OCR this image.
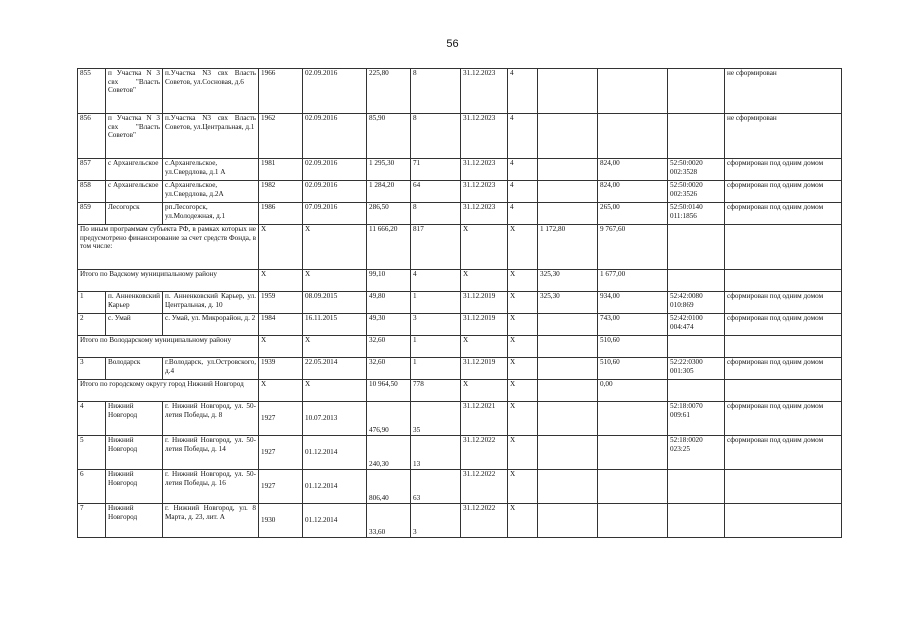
56
855	п Участка N 3 свх "Власть Советов"	п.Участка N3 свх Власть Советов, ул.Сосновая, д.6	1966	02.09.2016	225,80	8	31.12.2023	4				не сформирован
856	п Участка N 3 свх "Власть Советов"	п.Участка N3 свх Власть Советов, ул.Центральная, д.1	1962	02.09.2016	85,90	8	31.12.2023	4				не сформирован
857	с Архангельское	с.Архангельское, ул.Свердлова, д.1 А	1981	02.09.2016	1 295,30	71	31.12.2023	4		824,00	52:50:0020 002:3528	сформирован под одним домом
858	с Архангельское	с.Архангельское, ул.Свердлова, д.2А	1982	02.09.2016	1 284,20	64	31.12.2023	4		824,00	52:50:0020 002:3526	сформирован под одним домом
859	Лесогорск	рп.Лесогорск, ул.Молодежная, д.1	1986	07.09.2016	286,50	8	31.12.2023	4		265,00	52:50:0140 011:1856	сформирован под одним домом
По иным программам субъекта РФ, в рамках которых не предусмотрено финансирование за счет средств Фонда, в том числе:			X	X	11 666,20	817	X	X	1 172,80	9 767,60		
Итого по Вадскому муниципальному району			X	X	99,10	4	X	X	325,30	1 677,00		
1	п. Анненковский Карьер	п. Анненковский Карьер, ул. Центральная, д. 10	1959	08.09.2015	49,80	1	31.12.2019	X	325,30	934,00	52:42:0080 010:869	сформирован под одним домом
2	с. Умай	с. Умай, ул. Микрорайон, д. 2	1984	16.11.2015	49,30	3	31.12.2019	X		743,00	52:42:0100 004:474	сформирован под одним домом
Итого по Володарскому муниципальному району			X	X	32,60	1	X	X		510,60		
3	Володарск	г.Володарск, ул.Островского, д.4	1939	22.05.2014	32,60	1	31.12.2019	X		510,60	52:22:0300 001:305	сформирован под одним домом
Итого по городскому округу город Нижний Новгород			X	X	10 964,50	778	X	X		0,00		
4	Нижний Новгород	г. Нижний Новгород, ул. 50-летия Победы, д. 8	1927	10.07.2013	476,90	35	31.12.2021	X			52:18:0070 009:61	сформирован под одним домом
5	Нижний Новгород	г. Нижний Новгород, ул. 50-летия Победы, д. 14	1927	01.12.2014	240,30	13	31.12.2022	X			52:18:0020 023:25	сформирован под одним домом
6	Нижний Новгород	г. Нижний Новгород, ул. 50-летия Победы, д. 16	1927	01.12.2014	806,40	63	31.12.2022	X				
7	Нижний Новгород	г. Нижний Новгород, ул. 8 Марта, д. 23, лит. А	1930	01.12.2014	33,60	3	31.12.2022	X				
